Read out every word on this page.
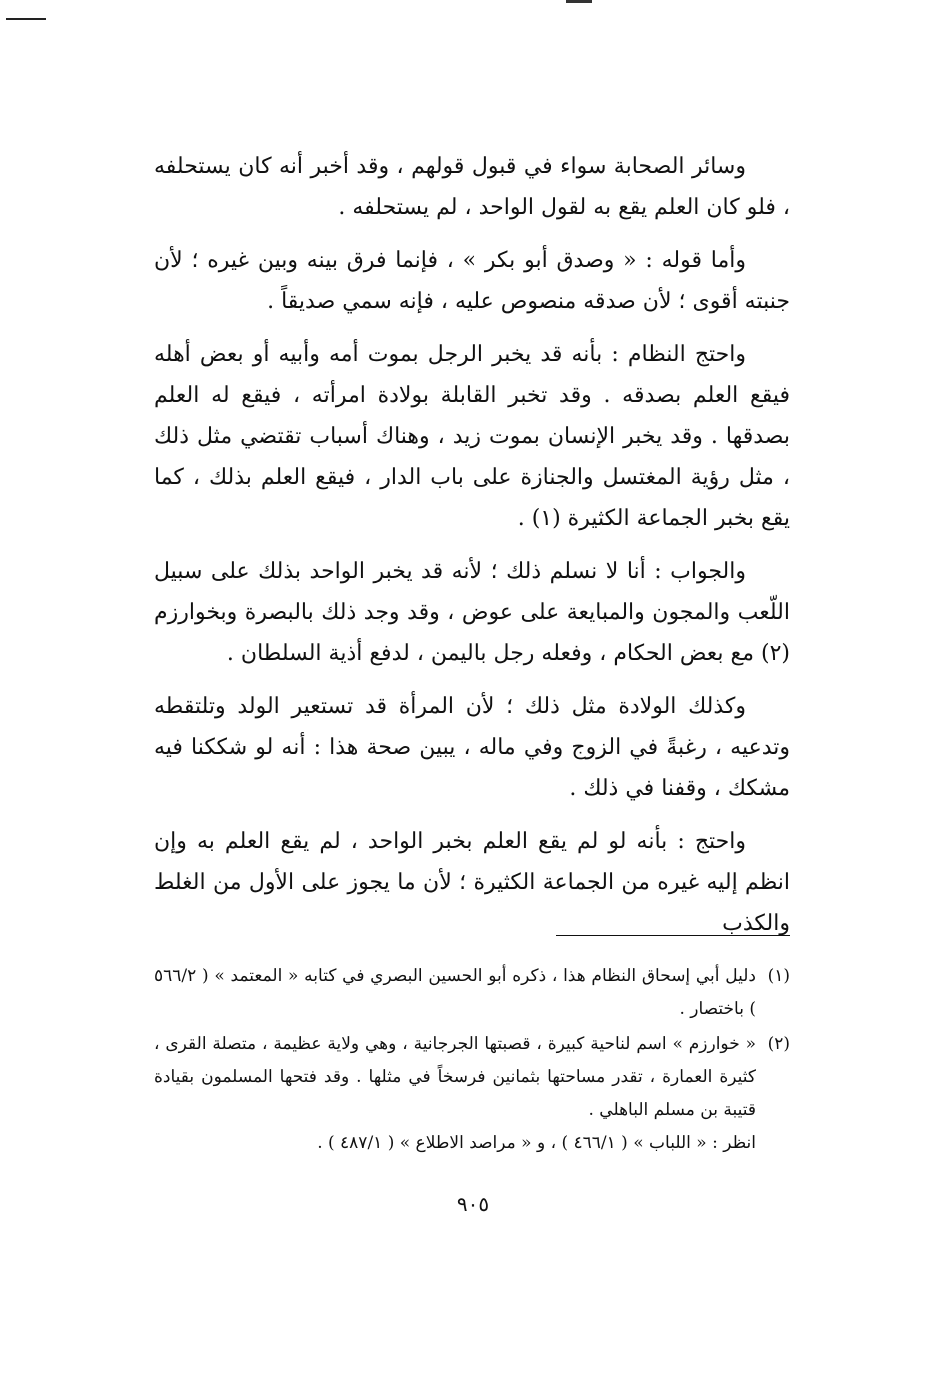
وسائر الصحابة سواء في قبول قولهم ، وقد أخبر أنه كان يستحلفه ، فلو كان العلم يقع به لقول الواحد ، لم يستحلفه .

وأما قوله : « وصدق أبو بكر » ، فإنما فرق بينه وبين غيره ؛ لأن جنبته أقوى ؛ لأن صدقه منصوص عليه ، فإنه سمي صديقاً .

واحتج النظام : بأنه قد يخبر الرجل بموت أمه وأبيه أو بعض أهله فيقع العلم بصدقه . وقد تخبر القابلة بولادة امرأته ، فيقع له العلم بصدقها . وقد يخبر الإنسان بموت زيد ، وهناك أسباب تقتضي مثل ذلك ، مثل رؤية المغتسل والجنازة على باب الدار ، فيقع العلم بذلك ، كما يقع بخبر الجماعة الكثيرة (١) .

والجواب : أنا لا نسلم ذلك ؛ لأنه قد يخبر الواحد بذلك على سبيل اللّعب والمجون والمبايعة على عوض ، وقد وجد ذلك بالبصرة وبخوارزم (٢) مع بعض الحكام ، وفعله رجل باليمن ، لدفع أذية السلطان .

وكذلك الولادة مثل ذلك ؛ لأن المرأة قد تستعير الولد وتلتقطه وتدعيه ، رغبةً في الزوج وفي ماله ، يبين صحة هذا : أنه لو شككنا فيه مشكك ، وقفنا في ذلك .

واحتج : بأنه لو لم يقع العلم بخبر الواحد ، لم يقع العلم به وإن انظم إليه غيره من الجماعة الكثيرة ؛ لأن ما يجوز على الأول من الغلط والكذب

(١)
دليل أبي إسحاق النظام هذا ، ذكره أبو الحسين البصري في كتابه « المعتمد » ( ٥٦٦/٢ ) باختصار .
(٢)
« خوارزم » اسم لناحية كبيرة ، قصبتها الجرجانية ، وهي ولاية عظيمة ، متصلة القرى ، كثيرة العمارة ، تقدر مساحتها بثمانين فرسخاً في مثلها . وقد فتحها المسلمون بقيادة قتيبة بن مسلم الباهلي .
انظر : « اللباب » ( ٤٦٦/١ ) ، و « مراصد الاطلاع » ( ٤٨٧/١ ) .
٩٠٥
